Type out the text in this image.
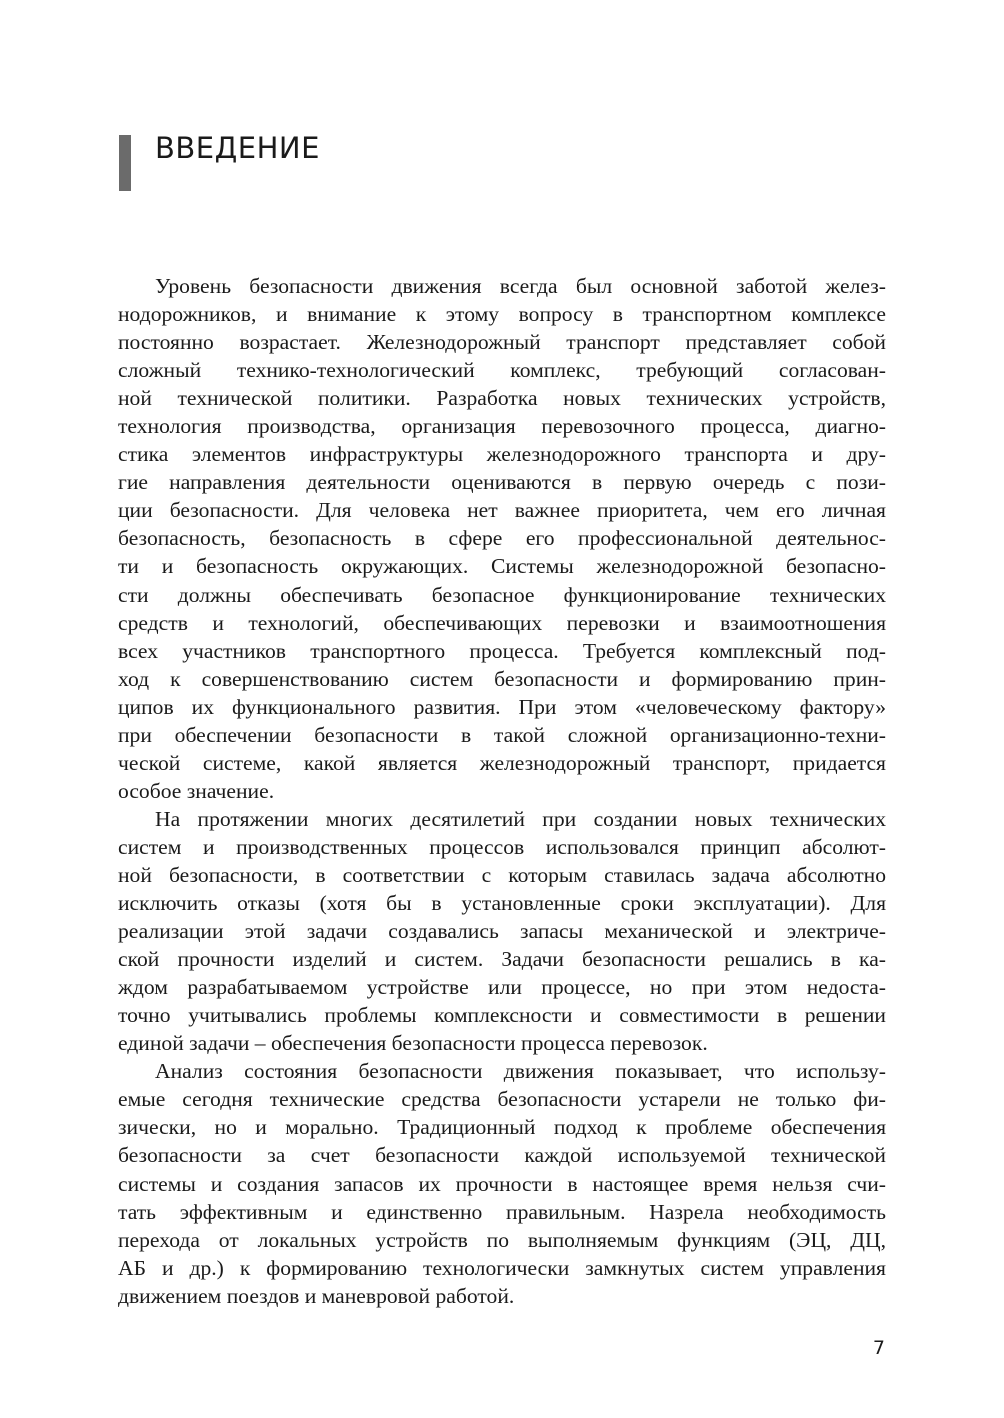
ВВЕДЕНИЕ

Уровень безопасности движения всегда был основной заботой желез-
нодорожников, и внимание к этому вопросу в транспортном комплексе
постоянно возрастает. Железнодорожный транспорт представляет собой
сложный технико-технологический комплекс, требующий согласован-
ной технической политики. Разработка новых технических устройств,
технология производства, организация перевозочного процесса, диагно-
стика элементов инфраструктуры железнодорожного транспорта и дру-
гие направления деятельности оцениваются в первую очередь с пози-
ции безопасности. Для человека нет важнее приоритета, чем его личная
безопасность, безопасность в сфере его профессиональной деятельнос-
ти и безопасность окружающих. Системы железнодорожной безопасно-
сти должны обеспечивать безопасное функционирование технических
средств и технологий, обеспечивающих перевозки и взаимоотношения
всех участников транспортного процесса. Требуется комплексный под-
ход к совершенствованию систем безопасности и формированию прин-
ципов их функционального развития. При этом «человеческому фактору»
при обеспечении безопасности в такой сложной организационно-техни-
ческой системе, какой является железнодорожный транспорт, придается
особое значение.

На протяжении многих десятилетий при создании новых технических
систем и производственных процессов использовался принцип абсолют-
ной безопасности, в соответствии с которым ставилась задача абсолютно
исключить отказы (хотя бы в установленные сроки эксплуатации). Для
реализации этой задачи создавались запасы механической и электриче-
ской прочности изделий и систем. Задачи безопасности решались в ка-
ждом разрабатываемом устройстве или процессе, но при этом недоста-
точно учитывались проблемы комплексности и совместимости в решении
единой задачи – обеспечения безопасности процесса перевозок.

Анализ состояния безопасности движения показывает, что использу-
емые сегодня технические средства безопасности устарели не только фи-
зически, но и морально. Традиционный подход к проблеме обеспечения
безопасности за счет безопасности каждой используемой технической
системы и создания запасов их прочности в настоящее время нельзя счи-
тать эффективным и единственно правильным. Назрела необходимость
перехода от локальных устройств по выполняемым функциям (ЭЦ, ДЦ,
АБ и др.) к формированию технологически замкнутых систем управления
движением поездов и маневровой работой.

7
